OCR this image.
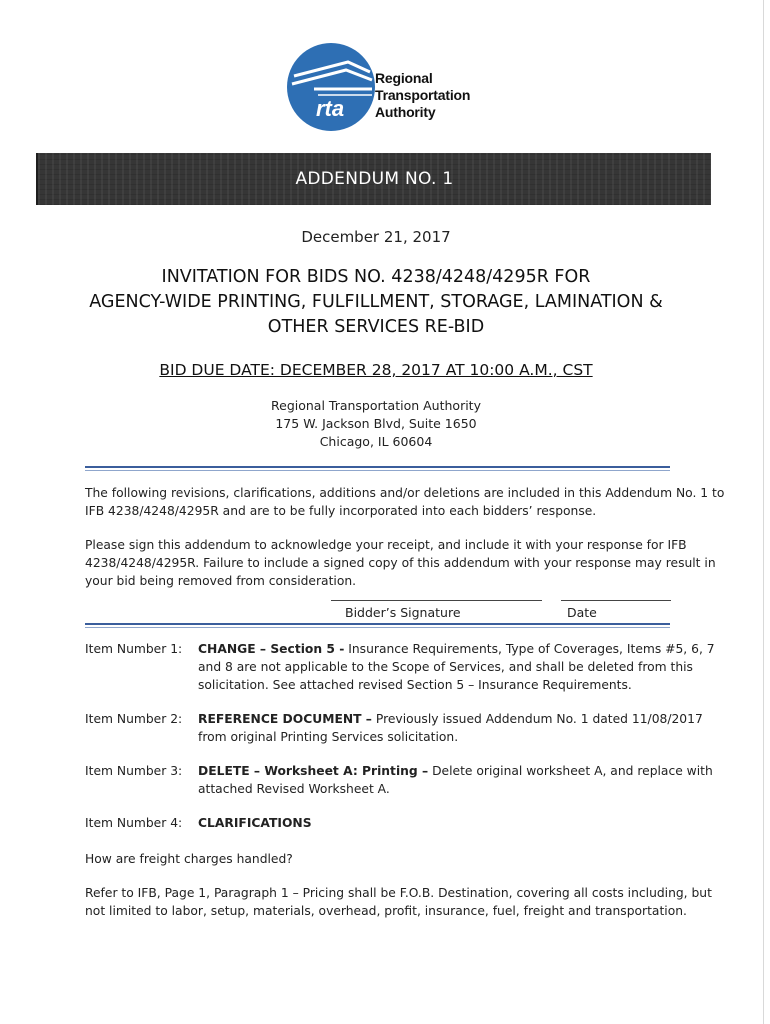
rta
Regional
Transportation
Authority
ADDENDUM NO. 1
December 21, 2017
INVITATION FOR BIDS NO. 4238/4248/4295R FOR
AGENCY-WIDE PRINTING, FULFILLMENT, STORAGE, LAMINATION &
OTHER SERVICES RE-BID
BID DUE DATE: DECEMBER 28, 2017 AT 10:00 A.M., CST
Regional Transportation Authority
175 W. Jackson Blvd, Suite 1650
Chicago, IL 60604
The following revisions, clarifications, additions and/or deletions are included in this Addendum No. 1 to
IFB 4238/4248/4295R and are to be fully incorporated into each bidders’ response.
Please sign this addendum to acknowledge your receipt, and include it with your response for IFB
4238/4248/4295R. Failure to include a signed copy of this addendum with your response may result in
your bid being removed from consideration.
Bidder’s Signature	Date
Item Number 1: CHANGE – Section 5 - Insurance Requirements, Type of Coverages, Items #5, 6, 7
and 8 are not applicable to the Scope of Services, and shall be deleted from this
solicitation. See attached revised Section 5 – Insurance Requirements.
Item Number 2: REFERENCE DOCUMENT – Previously issued Addendum No. 1 dated 11/08/2017
from original Printing Services solicitation.
Item Number 3: DELETE – Worksheet A: Printing – Delete original worksheet A, and replace with
attached Revised Worksheet A.
Item Number 4: CLARIFICATIONS
How are freight charges handled?
Refer to IFB, Page 1, Paragraph 1 – Pricing shall be F.O.B. Destination, covering all costs including, but
not limited to labor, setup, materials, overhead, profit, insurance, fuel, freight and transportation.
